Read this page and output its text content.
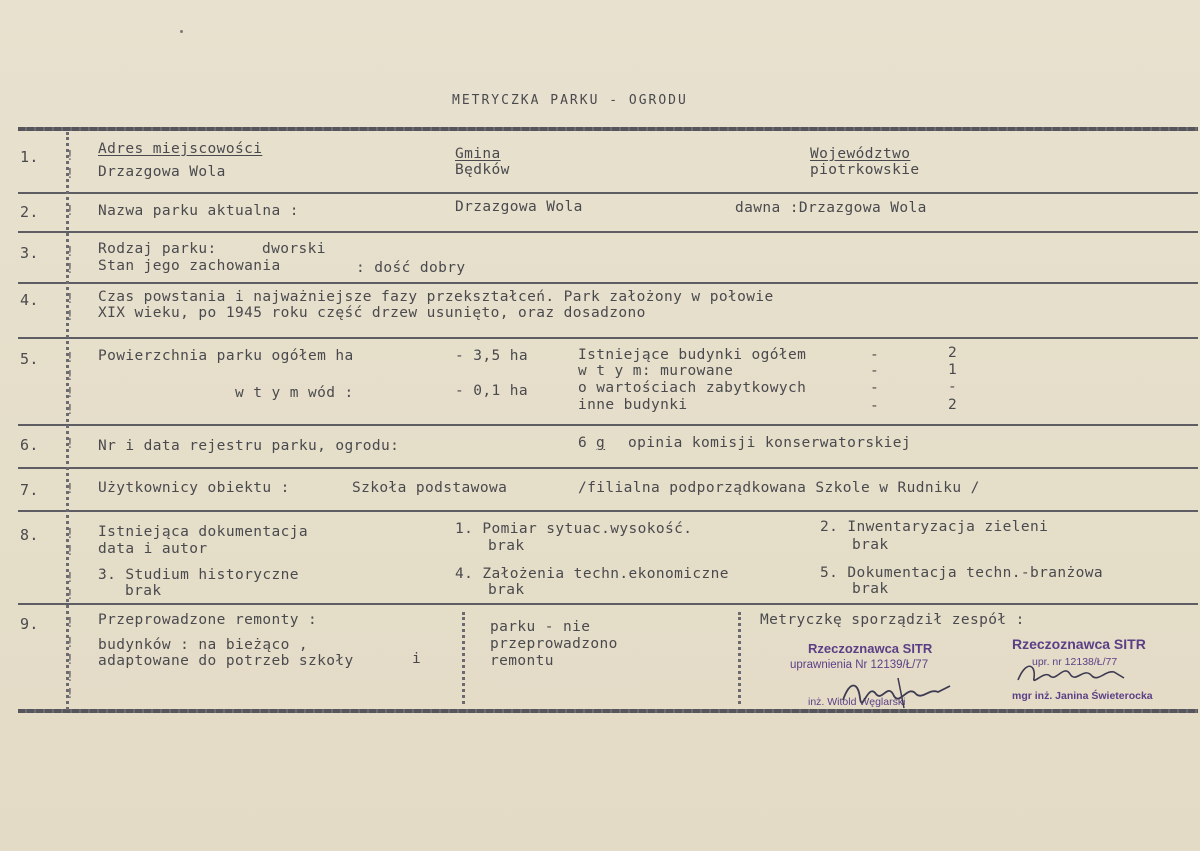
METRYCZKA PARKU - OGRODU
1.	Adres miejscowości
Drzazgowa Wola
Gmina
Będków
Województwo
piotrkowskie
2.	Nazwa parku aktualna :	Drzazgowa Wola	dawna :Drzazgowa Wola
3.	Rodzaj parku:	dworski
Stan jego zachowania	: dość dobry
4.	Czas powstania i najważniejsze fazy przekształceń. Park założony w połowie
XIX wieku, po 1945 roku część drzew usunięto, oraz dosadzono
5.	Powierzchnia parku ogółem ha	- 3,5 ha
w t y m wód :	- 0,1 ha
Istniejące budynki ogółem	-	2
w t y m: murowane	-	1
o wartościach zabytkowych	-	-
inne budynki	-	2
6.	Nr i data rejestru parku, ogrodu:	6 g opinia komisji konserwatorskiej
7.	Użytkownicy obiektu :	Szkoła podstawowa	/filialna podporządkowana Szkole w Rudniku /
8.	Istniejąca dokumentacja
data i autor
1. Pomiar sytuac.wysokość.
brak
2. Inwentaryzacja zieleni
brak
3. Studium historyczne
brak
4. Założenia techn.ekonomiczne
brak
5. Dokumentacja techn.-branżowa
brak
9.	Przeprowadzone remonty :
budynków : na bieżąco ,
adaptowane do potrzeb szkoły	i
parku - nie
przeprowadzono
remontu
Metryczkę sporządził zespół :
Rzeczoznawca SITR
uprawnienia Nr 12139/Ł/77
inż. Witold Węglarski
Rzeczoznawca SITR
upr. nr 12138/Ł/77
mgr inż. Janina Świeterocka
!
!
!
!
!
!
!
!
!
!
!
!
!
!
!
!
!
!
!
!
!
!
